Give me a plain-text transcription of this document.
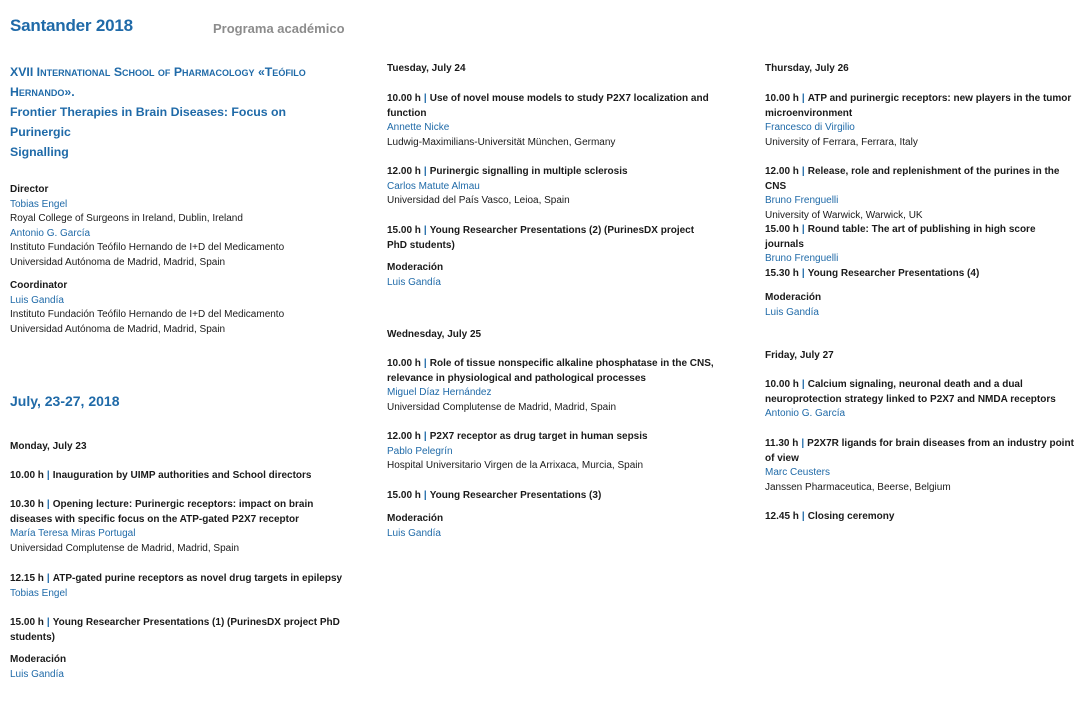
Santander 2018	Programa académico
XVII International School of Pharmacology «Teófilo Hernando».
Frontier Therapies in Brain Diseases: Focus on Purinergic
Signalling
Director
Tobias Engel
Royal College of Surgeons in Ireland, Dublin, Ireland
Antonio G. García
Instituto Fundación Teófilo Hernando de I+D del Medicamento
Universidad Autónoma de Madrid, Madrid, Spain
Coordinator
Luis Gandía
Instituto Fundación Teófilo Hernando de I+D del Medicamento
Universidad Autónoma de Madrid, Madrid, Spain
July, 23-27, 2018
Monday, July 23
10.00 h | Inauguration by UIMP authorities and School directors
10.30 h | Opening lecture: Purinergic receptors: impact on brain
diseases with specific focus on the ATP-gated P2X7 receptor
María Teresa Miras Portugal
Universidad Complutense de Madrid, Madrid, Spain
12.15 h | ATP-gated purine receptors as novel drug targets in epilepsy
Tobias Engel
15.00 h | Young Researcher Presentations (1) (PurinesDX project PhD
students)
Moderación
Luis Gandía
Tuesday, July 24
10.00 h | Use of novel mouse models to study P2X7 localization and
function
Annette Nicke
Ludwig-Maximilians-Universität München, Germany
12.00 h | Purinergic signalling in multiple sclerosis
Carlos Matute Almau
Universidad del País Vasco, Leioa, Spain
15.00 h | Young Researcher Presentations (2) (PurinesDX project
PhD students)
Moderación
Luis Gandía
Wednesday, July 25
10.00 h | Role of tissue nonspecific alkaline phosphatase in the CNS,
relevance in physiological and pathological processes
Miguel Díaz Hernández
Universidad Complutense de Madrid, Madrid, Spain
12.00 h | P2X7 receptor as drug target in human sepsis
Pablo Pelegrín
Hospital Universitario Virgen de la Arrixaca, Murcia, Spain
15.00 h | Young Researcher Presentations (3)
Moderación
Luis Gandía
Thursday, July 26
10.00 h | ATP and purinergic receptors: new players in the tumor
microenvironment
Francesco di Virgilio
University of Ferrara, Ferrara, Italy
12.00 h | Release, role and replenishment of the purines in the CNS
Bruno Frenguelli
University of Warwick, Warwick, UK
15.00 h | Round table: The art of publishing in high score journals
Bruno Frenguelli
15.30 h | Young Researcher Presentations (4)
Moderación
Luis Gandía
Friday, July 27
10.00 h | Calcium signaling, neuronal death and a dual
neuroprotection strategy linked to P2X7 and NMDA receptors
Antonio G. García
11.30 h | P2X7R ligands for brain diseases from an industry point
of view
Marc Ceusters
Janssen Pharmaceutica, Beerse, Belgium
12.45 h | Closing ceremony
